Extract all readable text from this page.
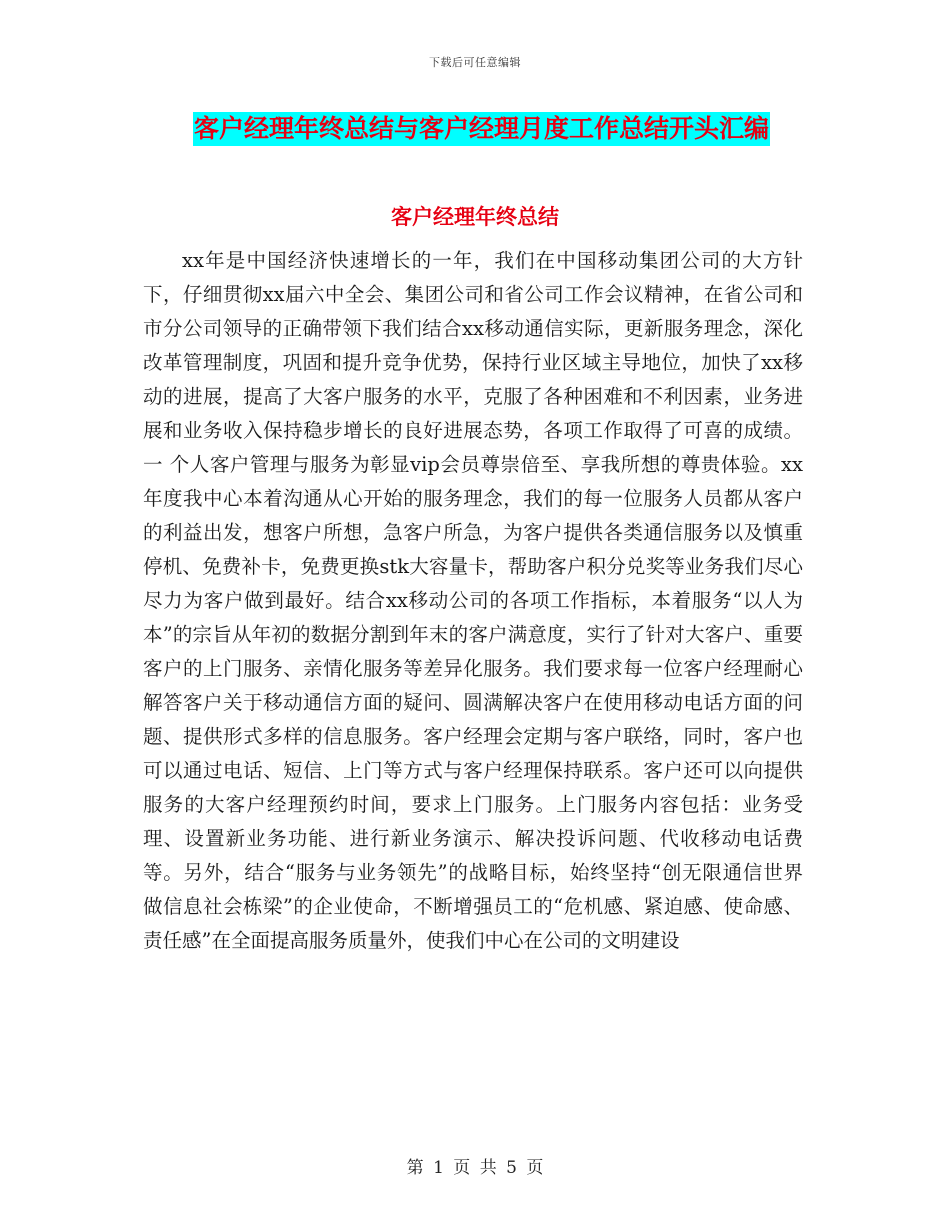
下载后可任意编辑
客户经理年终总结与客户经理月度工作总结开头汇编
客户经理年终总结

xx年是中国经济快速增长的一年，我们在中国移动集团公司的大方针下，仔细贯彻xx届六中全会、集团公司和省公司工作会议精神，在省公司和市分公司领导的正确带领下我们结合xx移动通信实际，更新服务理念，深化改革管理制度，巩固和提升竞争优势，保持行业区域主导地位，加快了xx移动的进展，提高了大客户服务的水平，克服了各种困难和不利因素，业务进展和业务收入保持稳步增长的良好进展态势，各项工作取得了可喜的成绩。一 个人客户管理与服务为彰显vip会员尊崇倍至、享我所想的尊贵体验。xx年度我中心本着沟通从心开始的服务理念，我们的每一位服务人员都从客户的利益出发，想客户所想，急客户所急，为客户提供各类通信服务以及慎重停机、免费补卡，免费更换stk大容量卡，帮助客户积分兑奖等业务我们尽心尽力为客户做到最好。结合xx移动公司的各项工作指标，本着服务“以人为本”的宗旨从年初的数据分割到年末的客户满意度，实行了针对大客户、重要客户的上门服务、亲情化服务等差异化服务。我们要求每一位客户经理耐心解答客户关于移动通信方面的疑问、圆满解决客户在使用移动电话方面的问题、提供形式多样的信息服务。客户经理会定期与客户联络，同时，客户也可以通过电话、短信、上门等方式与客户经理保持联系。客户还可以向提供服务的大客户经理预约时间，要求上门服务。上门服务内容包括：业务受理、设置新业务功能、进行新业务演示、解决投诉问题、代收移动电话费等。另外，结合“服务与业务领先”的战略目标，始终坚持“创无限通信世界 做信息社会栋梁”的企业使命，不断增强员工的“危机感、紧迫感、使命感、责任感”在全面提高服务质量外，使我们中心在公司的文明建设

第 1 页 共 5 页
